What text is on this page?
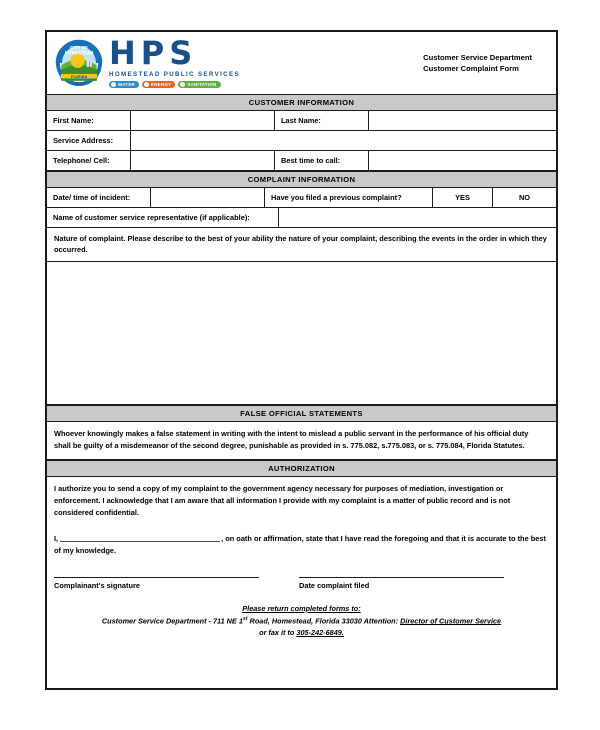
CITY OF
HOMESTEAD
FLORIDA
1913
HPS
HOMESTEAD PUBLIC SERVICES
WATER	ENERGY	SANITATION
Customer Service Department
Customer Complaint Form
CUSTOMER INFORMATION
First Name:	Last Name:
Service Address:
Telephone/ Cell:	Best time to call:
COMPLAINT INFORMATION
Date/ time of incident:	Have you filed a previous complaint?	YES	NO
Name of customer service representative (if applicable):
Nature of complaint. Please describe to the best of your ability the nature of your complaint, describing the events in the order in which they occurred.
FALSE OFFICIAL STATEMENTS
Whoever knowingly makes a false statement in writing with the intent to mislead a public servant in the performance of his official duty shall be guilty of a misdemeanor of the second degree, punishable as provided in s. 775.082, s.775.083, or s. 775.084, Florida Statutes.
AUTHORIZATION
I authorize you to send a copy of my complaint to the government agency necessary for purposes of mediation, investigation or enforcement. I acknowledge that I am aware that all information I provide with my complaint is a matter of public record and is not considered confidential.
I,	, on oath or affirmation, state that I have read the foregoing and that it is accurate to the best of my knowledge.
Complainant's signature	Date complaint filed
Please return completed forms to:
Customer Service Department - 711 NE 1st Road, Homestead, Florida 33030 Attention: Director of Customer Service
or fax it to 305-242-6849.
